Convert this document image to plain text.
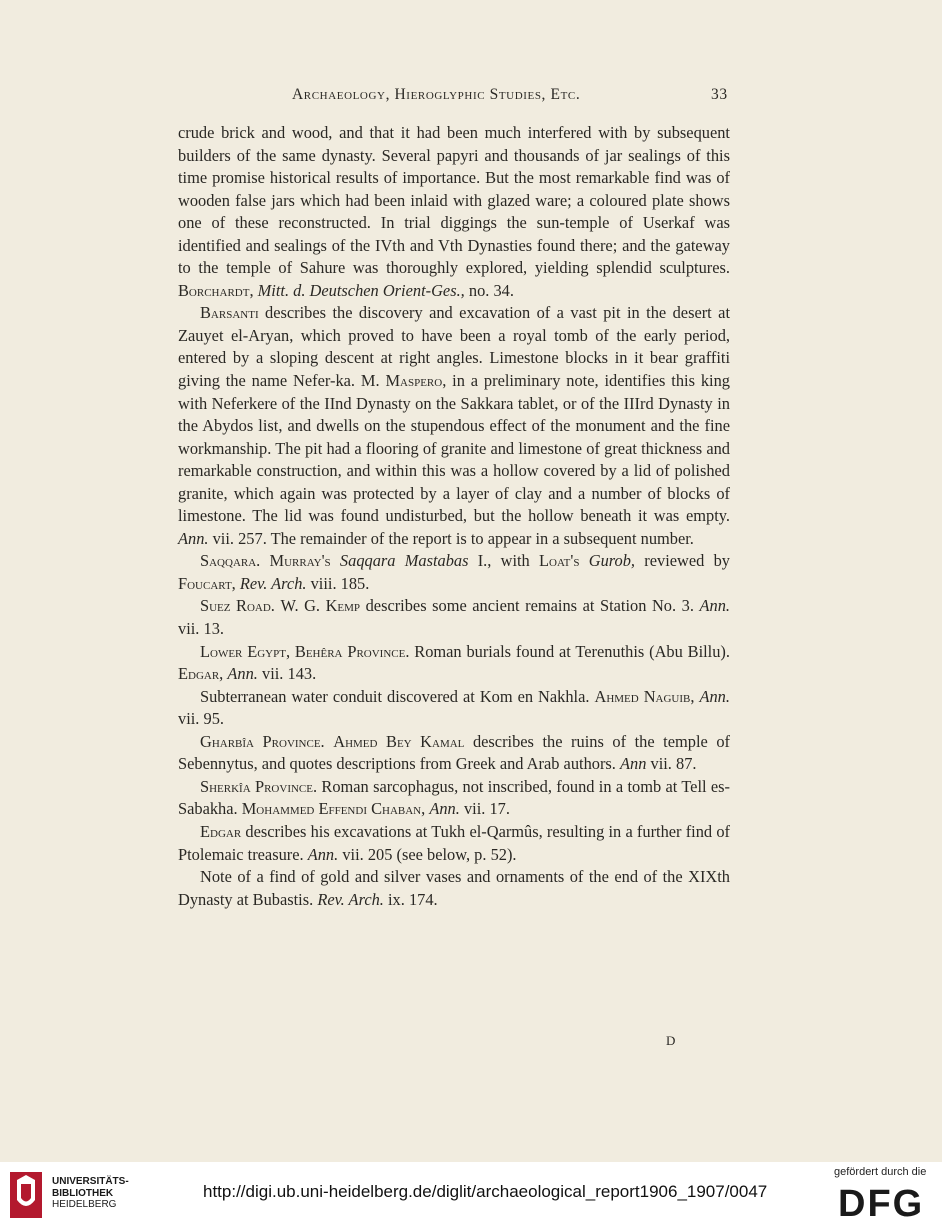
Archaeology, Hieroglyphic Studies, Etc.	33

crude brick and wood, and that it had been much interfered with by subsequent builders of the same dynasty. Several papyri and thousands of jar sealings of this time promise historical results of importance. But the most remarkable find was of wooden false jars which had been inlaid with glazed ware; a coloured plate shows one of these reconstructed. In trial diggings the sun-temple of Userkaf was identified and sealings of the IVth and Vth Dynasties found there; and the gateway to the temple of Sahure was thoroughly explored, yielding splendid sculptures. Borchardt, Mitt. d. Deutschen Orient-Ges., no. 34.

Barsanti describes the discovery and excavation of a vast pit in the desert at Zauyet el-Aryan, which proved to have been a royal tomb of the early period, entered by a sloping descent at right angles. Limestone blocks in it bear graffiti giving the name Nefer-ka. M. Maspero, in a preliminary note, identifies this king with Neferkere of the IInd Dynasty on the Sakkara tablet, or of the IIIrd Dynasty in the Abydos list, and dwells on the stupendous effect of the monument and the fine workmanship. The pit had a flooring of granite and limestone of great thickness and remarkable construction, and within this was a hollow covered by a lid of polished granite, which again was protected by a layer of clay and a number of blocks of limestone. The lid was found undisturbed, but the hollow beneath it was empty. Ann. vii. 257. The remainder of the report is to appear in a subsequent number.

Saqqara. Murray's Saqqara Mastabas I., with Loat's Gurob, reviewed by Foucart, Rev. Arch. viii. 185.

Suez Road. W. G. Kemp describes some ancient remains at Station No. 3. Ann. vii. 13.

Lower Egypt, Behêra Province. Roman burials found at Terenuthis (Abu Billu). Edgar, Ann. vii. 143.

Subterranean water conduit discovered at Kom en Nakhla. Ahmed Naguib, Ann. vii. 95.

Gharbîa Province. Ahmed Bey Kamal describes the ruins of the temple of Sebennytus, and quotes descriptions from Greek and Arab authors. Ann vii. 87.

Sherkîa Province. Roman sarcophagus, not inscribed, found in a tomb at Tell es-Sabakha. Mohammed Effendi Chaban, Ann. vii. 17.

Edgar describes his excavations at Tukh el-Qarmûs, resulting in a further find of Ptolemaic treasure. Ann. vii. 205 (see below, p. 52).

Note of a find of gold and silver vases and ornaments of the end of the XIXth Dynasty at Bubastis. Rev. Arch. ix. 174.

D
UNIVERSITÄTS-
BIBLIOTHEK
HEIDELBERG
http://digi.ub.uni-heidelberg.de/diglit/archaeological_report1906_1907/0047
gefördert durch die
DFG
